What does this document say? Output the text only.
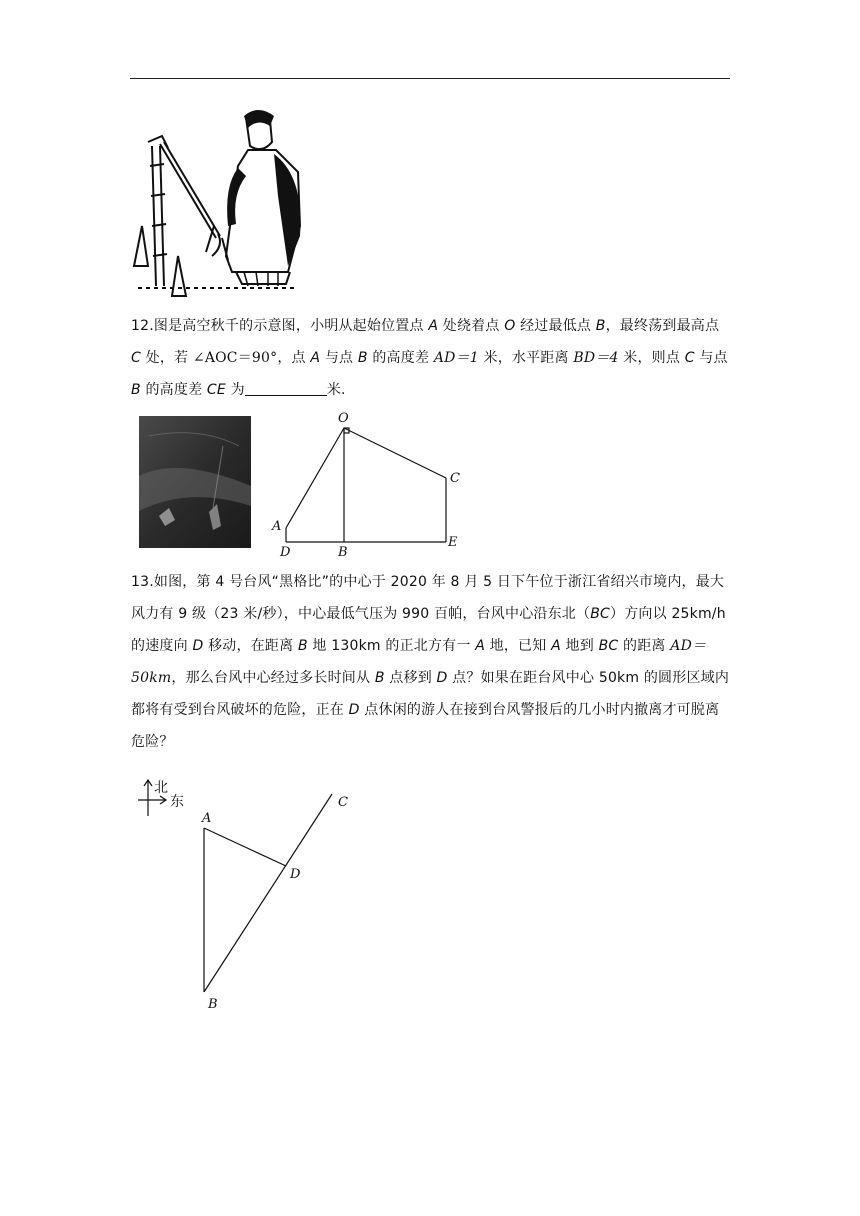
12.图是高空秋千的示意图，小明从起始位置点 A 处绕着点 O 经过最低点 B，最终荡到最高点 C 处，若 ∠AOC＝90°，点 A 与点 B 的高度差 AD＝1 米，水平距离 BD＝4 米，则点 C 与点 B 的高度差 CE 为	米.
O
A
C
D	B
E
13.如图，第 4 号台风“黑格比”的中心于 2020 年 8 月 5 日下午位于浙江省绍兴市境内，最大风力有 9 级（23 米/秒），中心最低气压为 990 百帕，台风中心沿东北（BC）方向以 25km/h 的速度向 D 移动，在距离 B 地 130km 的正北方有一 A 地，已知 A 地到 BC 的距离 AD＝50km，那么台风中心经过多长时间从 B 点移到 D 点？如果在距台风中心 50km 的圆形区域内都将有受到台风破坏的危险，正在 D 点休闲的游人在接到台风警报后的几小时内撤离才可脱离危险？
北
东
A
B
C
D
